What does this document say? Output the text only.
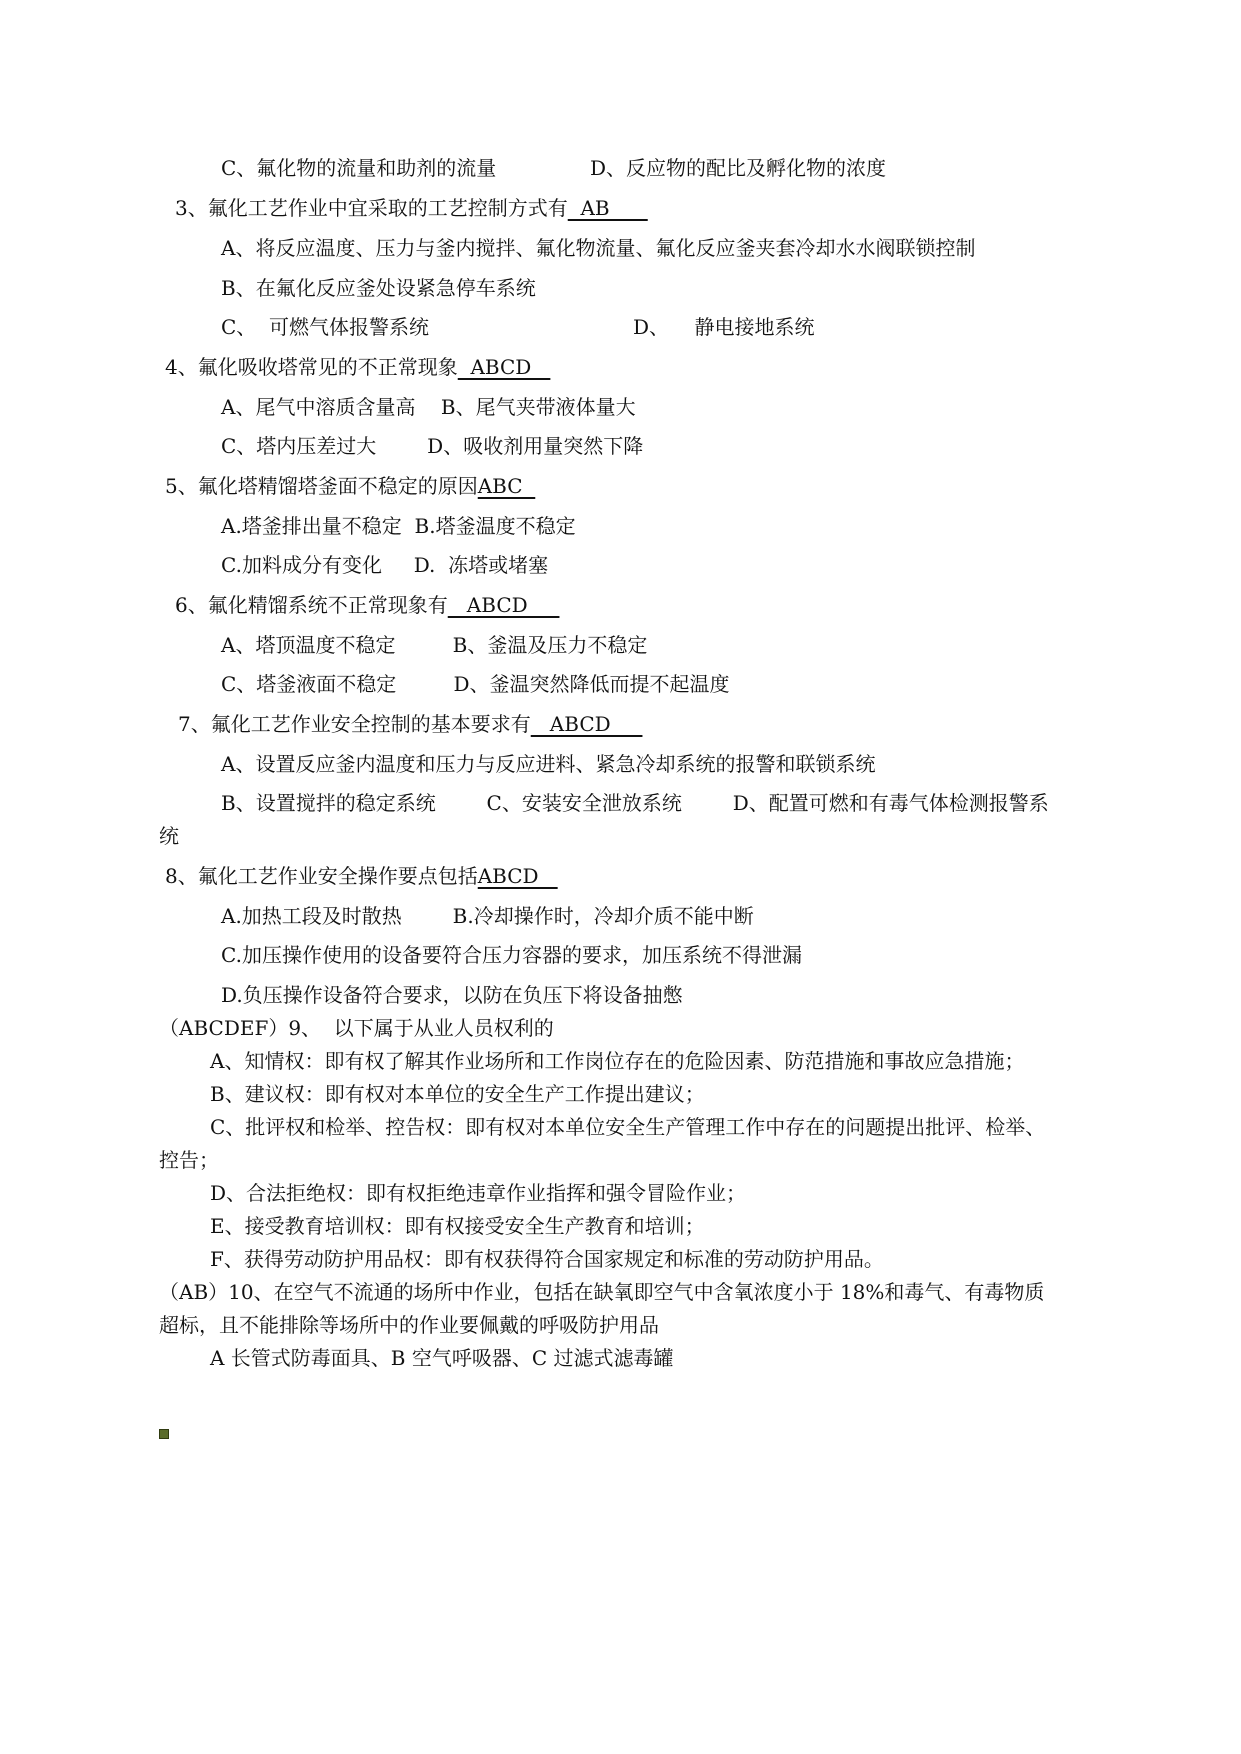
C、氟化物的流量和助剂的流量	D、反应物的配比及孵化物的浓度
3、氟化工艺作业中宜采取的工艺控制方式有  AB
A、将反应温度、压力与釜内搅拌、氟化物流量、氟化反应釜夹套冷却水水阀联锁控制
B、在氟化反应釜处设紧急停车系统
C、  可燃气体报警系统	D、    静电接地系统
4、氟化吸收塔常见的不正常现象  ABCD
A、尾气中溶质含量高    B、尾气夹带液体量大
C、塔内压差过大        D、吸收剂用量突然下降
5、氟化塔精馏塔釜面不稳定的原因ABC
A.塔釜排出量不稳定  B.塔釜温度不稳定
C.加料成分有变化     D.  冻塔或堵塞
6、氟化精馏系统不正常现象有   ABCD
A、塔顶温度不稳定         B、釜温及压力不稳定
C、塔釜液面不稳定         D、釜温突然降低而提不起温度
7、氟化工艺作业安全控制的基本要求有   ABCD
A、设置反应釜内温度和压力与反应进料、紧急冷却系统的报警和联锁系统
B、设置搅拌的稳定系统        C、安装安全泄放系统        D、配置可燃和有毒气体检测报警系
统
8、氟化工艺作业安全操作要点包括ABCD
A.加热工段及时散热        B.冷却操作时，冷却介质不能中断
C.加压操作使用的设备要符合压力容器的要求，加压系统不得泄漏
D.负压操作设备符合要求，以防在负压下将设备抽憋
（ABCDEF）9、  以下属于从业人员权利的
A、知情权：即有权了解其作业场所和工作岗位存在的危险因素、防范措施和事故应急措施；
B、建议权：即有权对本单位的安全生产工作提出建议；
C、批评权和检举、控告权：即有权对本单位安全生产管理工作中存在的问题提出批评、检举、
控告；
D、合法拒绝权：即有权拒绝违章作业指挥和强令冒险作业；
E、接受教育培训权：即有权接受安全生产教育和培训；
F、获得劳动防护用品权：即有权获得符合国家规定和标准的劳动防护用品。
（AB）10、在空气不流通的场所中作业，包括在缺氧即空气中含氧浓度小于 18%和毒气、有毒物质
超标，且不能排除等场所中的作业要佩戴的呼吸防护用品
A 长管式防毒面具、B 空气呼吸器、C 过滤式滤毒罐
